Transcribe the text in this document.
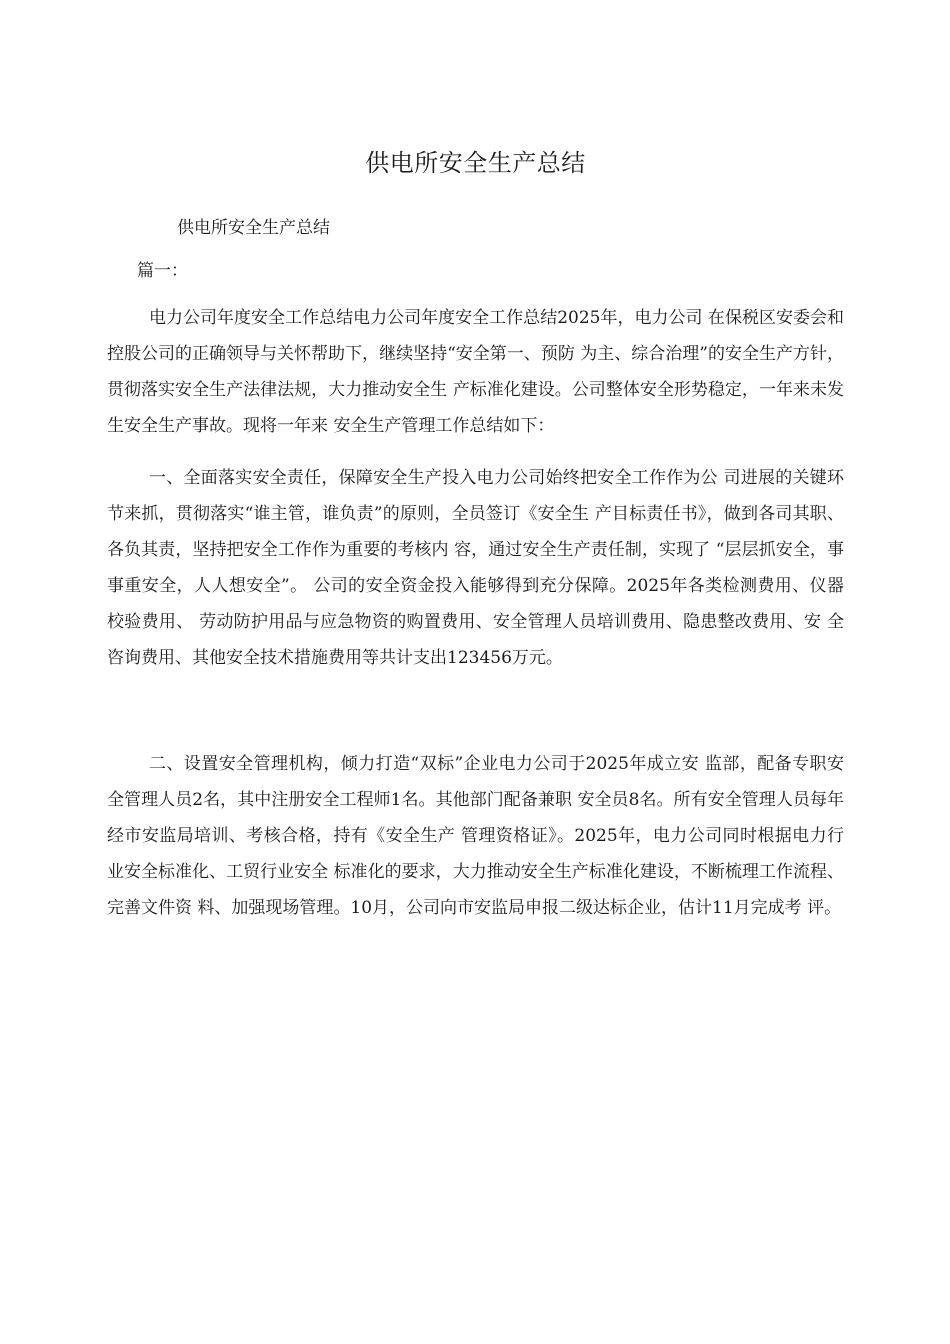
供电所安全生产总结
供电所安全生产总结
篇一：

电力公司年度安全工作总结电力公司年度安全工作总结2025年，电力公司 在保税区安委会和控股公司的正确领导与关怀帮助下，继续坚持“安全第一、预防 为主、综合治理”的安全生产方针，贯彻落实安全生产法律法规，大力推动安全生 产标准化建设。公司整体安全形势稳定，一年来未发生安全生产事故。现将一年来 安全生产管理工作总结如下：

一、全面落实安全责任，保障安全生产投入电力公司始终把安全工作作为公 司进展的关键环节来抓，贯彻落实“谁主管，谁负责”的原则，全员签订《安全生 产目标责任书》，做到各司其职、各负其责，坚持把安全工作作为重要的考核内 容，通过安全生产责任制，实现了 “层层抓安全，事事重安全，人人想安全”。 公司的安全资金投入能够得到充分保障。2025年各类检测费用、仪器校验费用、 劳动防护用品与应急物资的购置费用、安全管理人员培训费用、隐患整改费用、安 全咨询费用、其他安全技术措施费用等共计支出123456万元。

二、设置安全管理机构，倾力打造“双标”企业电力公司于2025年成立安 监部，配备专职安全管理人员2名，其中注册安全工程师1名。其他部门配备兼职 安全员8名。所有安全管理人员每年经市安监局培训、考核合格，持有《安全生产 管理资格证》。2025年，电力公司同时根据电力行业安全标准化、工贸行业安全 标准化的要求，大力推动安全生产标准化建设，不断梳理工作流程、完善文件资 料、加强现场管理。10月，公司向市安监局申报二级达标企业，估计11月完成考 评。
